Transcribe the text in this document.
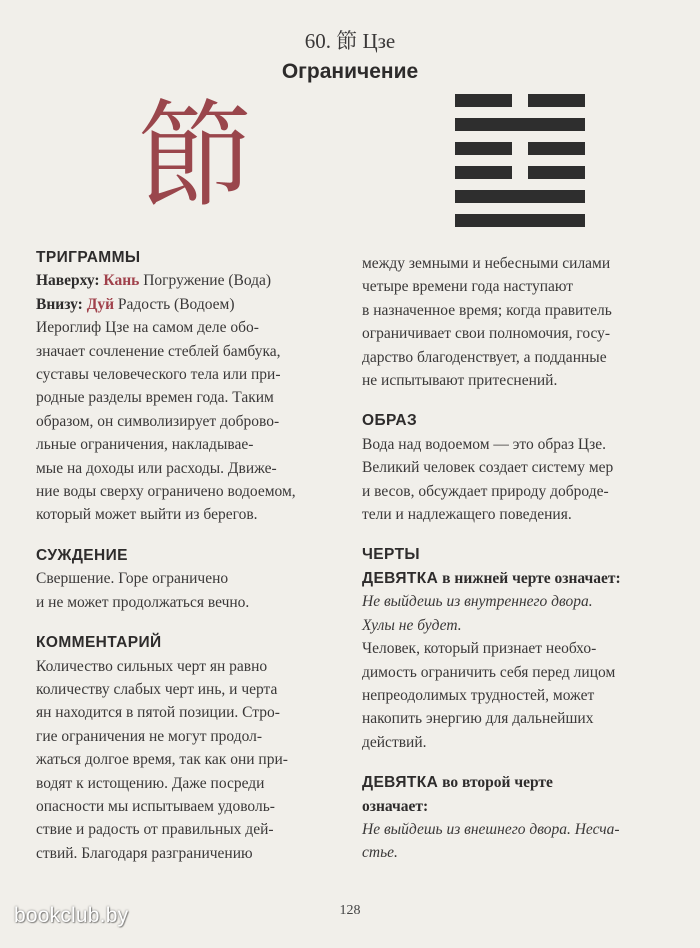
60. 節 Цзе
Ограничение
節
ТРИГРАММЫ

Наверху: Кань Погружение (Вода)

Внизу: Дуй Радость (Водоем)

Иероглиф Цзе на самом деле обо-

значает сочленение стеблей бамбука,

суставы человеческого тела или при-

родные разделы времен года. Таким

образом, он символизирует доброво-

льные ограничения, накладывае-

мые на доходы или расходы. Движе-

ние воды сверху ограничено водоемом,

который может выйти из берегов.

СУЖДЕНИЕ

Свершение. Горе ограничено

и не может продолжаться вечно.

КОММЕНТАРИЙ

Количество сильных черт ян равно

количеству слабых черт инь, и черта

ян находится в пятой позиции. Стро-

гие ограничения не могут продол-

жаться долгое время, так как они при-

водят к истощению. Даже посреди

опасности мы испытываем удоволь-

ствие и радость от правильных дей-

ствий. Благодаря разграничению

между земными и небесными силами

четыре времени года наступают

в назначенное время; когда правитель

ограничивает свои полномочия, госу-

дарство благоденствует, а подданные

не испытывают притеснений.

ОБРАЗ

Вода над водоемом — это образ Цзе.

Великий человек создает систему мер

и весов, обсуждает природу доброде-

тели и надлежащего поведения.

ЧЕРТЫ

ДЕВЯТКА в нижней черте означает:

Не выйдешь из внутреннего двора.

Хулы не будет.

Человек, который признает необхо-

димость ограничить себя перед лицом

непреодолимых трудностей, может

накопить энергию для дальнейших

действий.

ДЕВЯТКА во второй черте

означает:

Не выйдешь из внешнего двора. Несча-

стье.

128
bookclub.by
